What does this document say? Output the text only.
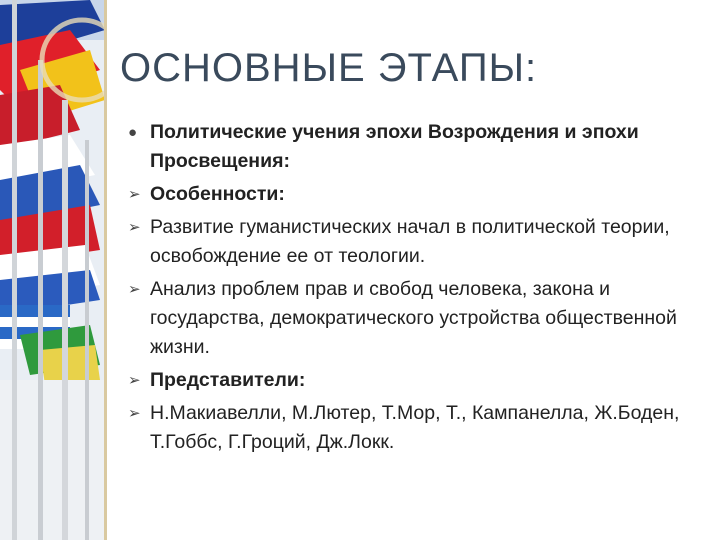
ОСНОВНЫЕ ЭТАПЫ:
● Политические учения эпохи Возрождения и эпохи Просвещения:
➢ Особенности:
➢ Развитие гуманистических начал в политической теории, освобождение ее от теологии.
➢ Анализ проблем прав и свобод человека, закона и государства, демократического устройства общественной жизни.
➢ Представители:
➢ Н.Макиавелли, М.Лютер, Т.Мор, Т., Кампанелла, Ж.Боден, Т.Гоббс, Г.Гроций, Дж.Локк.
